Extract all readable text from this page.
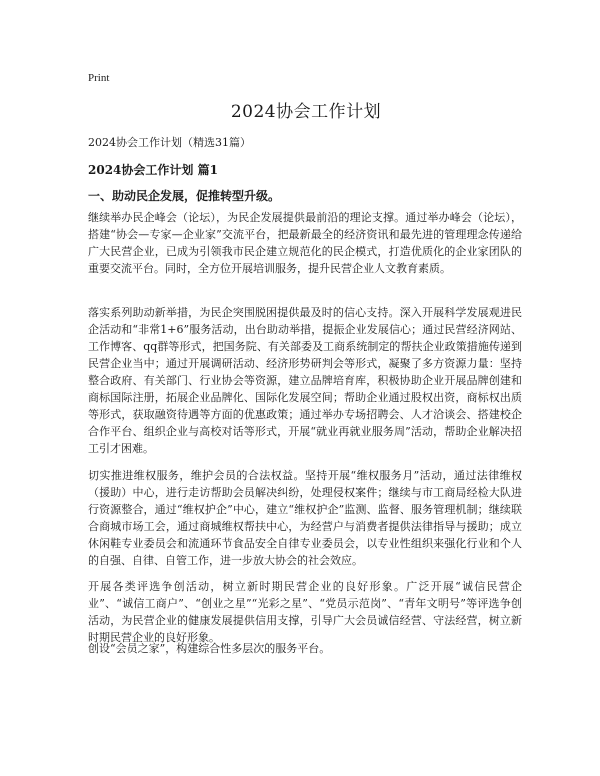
Print
2024协会工作计划
2024协会工作计划（精选31篇）
2024协会工作计划 篇1
一、助动民企发展，促推转型升级。

继续举办民企峰会（论坛），为民企发展提供最前沿的理论支撑。通过举办峰会（论坛），搭建“协会—专家—企业家”交流平台，把最新最全的经济资讯和最先进的管理理念传递给广大民营企业，已成为引领我市民企建立规范化的民企模式，打造优质化的企业家团队的重要交流平台。同时，全方位开展培训服务，提升民营企业人文教育素质。

落实系列助动新举措，为民企突围脱困提供最及时的信心支持。深入开展科学发展观进民企活动和“非常1+6”服务活动，出台助动举措，提振企业发展信心；通过民营经济网站、工作博客、qq群等形式，把国务院、有关部委及工商系统制定的帮扶企业政策措施传递到民营企业当中；通过开展调研活动、经济形势研判会等形式，凝聚了多方资源力量：坚持整合政府、有关部门、行业协会等资源，建立品牌培育库，积极协助企业开展品牌创建和商标国际注册，拓展企业品牌化、国际化发展空间；帮助企业通过股权出资，商标权出质等形式，获取融资待遇等方面的优惠政策；通过举办专场招聘会、人才洽谈会、搭建校企合作平台、组织企业与高校对话等形式，开展“就业再就业服务周”活动，帮助企业解决招工引才困难。

切实推进维权服务，维护会员的合法权益。坚持开展“维权服务月”活动，通过法律维权（援助）中心，进行走访帮助会员解决纠纷，处理侵权案件；继续与市工商局经检大队进行资源整合，通过“维权护企”中心，建立“维权护企”监测、监督、服务管理机制；继续联合商城市场工会，通过商城维权帮扶中心，为经营户与消费者提供法律指导与援助；成立休闲鞋专业委员会和流通环节食品安全自律专业委员会，以专业性组织来强化行业和个人的自强、自律、自管工作，进一步放大协会的社会效应。

开展各类评选争创活动，树立新时期民营企业的良好形象。广泛开展“诚信民营企业”、“诚信工商户”、“创业之星”“光彩之星”、“党员示范岗”、“青年文明号”等评选争创活动，为民营企业的健康发展提供信用支撑，引导广大会员诚信经营、守法经营，树立新时期民营企业的良好形象。

创设“会员之家”，构建综合性多层次的服务平台。
